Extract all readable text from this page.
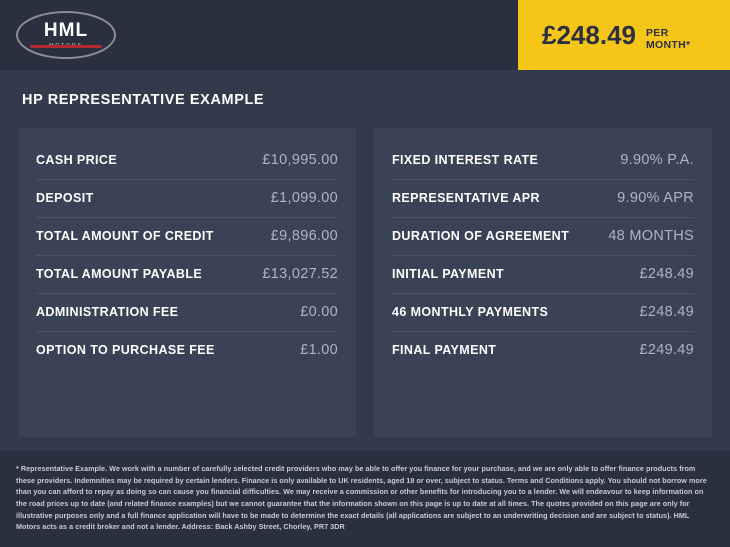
HML	£248.49 PER MONTH*
HP REPRESENTATIVE EXAMPLE
CASH PRICE	£10,995.00
DEPOSIT	£1,099.00
TOTAL AMOUNT OF CREDIT	£9,896.00
TOTAL AMOUNT PAYABLE	£13,027.52
ADMINISTRATION FEE	£0.00
OPTION TO PURCHASE FEE	£1.00
FIXED INTEREST RATE	9.90% P.A.
REPRESENTATIVE APR	9.90% APR
DURATION OF AGREEMENT	48 MONTHS
INITIAL PAYMENT	£248.49
46 MONTHLY PAYMENTS	£248.49
FINAL PAYMENT	£249.49

* Representative Example. We work with a number of carefully selected credit providers who may be able to offer you finance for your purchase, and we are only able to offer finance products from these providers. Indemnities may be required by certain lenders. Finance is only available to UK residents, aged 18 or over, subject to status. Terms and Conditions apply. You should not borrow more than you can afford to repay as doing so can cause you financial difficulties. We may receive a commission or other benefits for introducing you to a lender. We will endeavour to keep information on the road prices up to date (and related finance examples) but we cannot guarantee that the information shown on this page is up to date at all times. The quotes provided on this page are only for illustrative purposes only and a full finance application will have to be made to determine the exact details (all applications are subject to an underwriting decision and are subject to status). HML Motors acts as a credit broker and not a lender. Address: Back Ashby Street, Chorley, PR7 3DR
